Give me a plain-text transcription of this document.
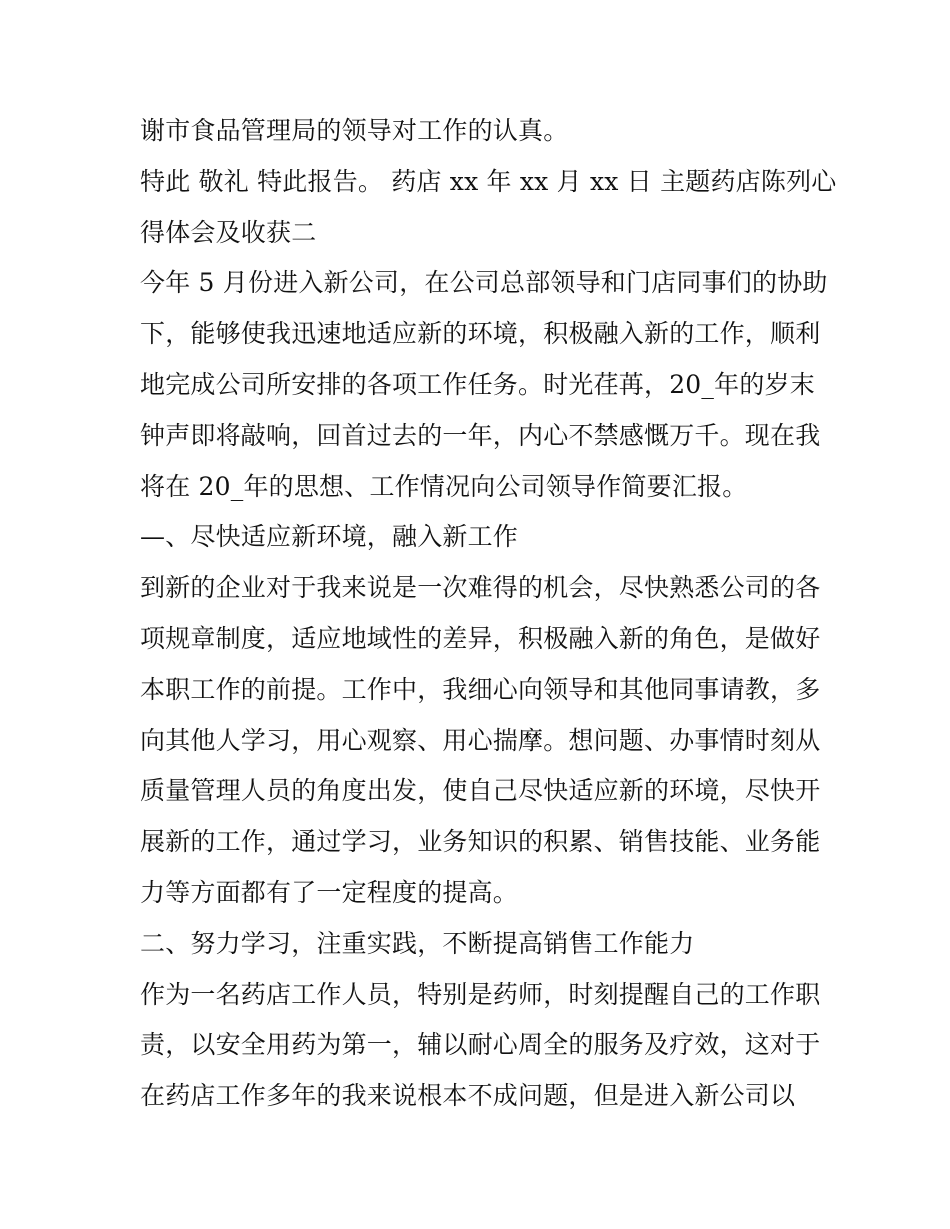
谢市食品管理局的领导对工作的认真。
特此 敬礼 特此报告。 药店 xx 年 xx 月 xx 日 主题药店陈列心
得体会及收获二
今年 5 月份进入新公司，在公司总部领导和门店同事们的协助
下，能够使我迅速地适应新的环境，积极融入新的工作，顺利
地完成公司所安排的各项工作任务。时光荏苒，20_年的岁末
钟声即将敲响，回首过去的一年，内心不禁感慨万千。现在我
将在 20_年的思想、工作情况向公司领导作简要汇报。
—、尽快适应新环境，融入新工作
到新的企业对于我来说是一次难得的机会，尽快熟悉公司的各
项规章制度，适应地域性的差异，积极融入新的角色，是做好
本职工作的前提。工作中，我细心向领导和其他同事请教，多
向其他人学习，用心观察、用心揣摩。想问题、办事情时刻从
质量管理人员的角度出发，使自己尽快适应新的环境，尽快开
展新的工作，通过学习，业务知识的积累、销售技能、业务能
力等方面都有了一定程度的提高。
二、努力学习，注重实践，不断提高销售工作能力
作为一名药店工作人员，特别是药师，时刻提醒自己的工作职
责，以安全用药为第一，辅以耐心周全的服务及疗效，这对于
在药店工作多年的我来说根本不成问题，但是进入新公司以
